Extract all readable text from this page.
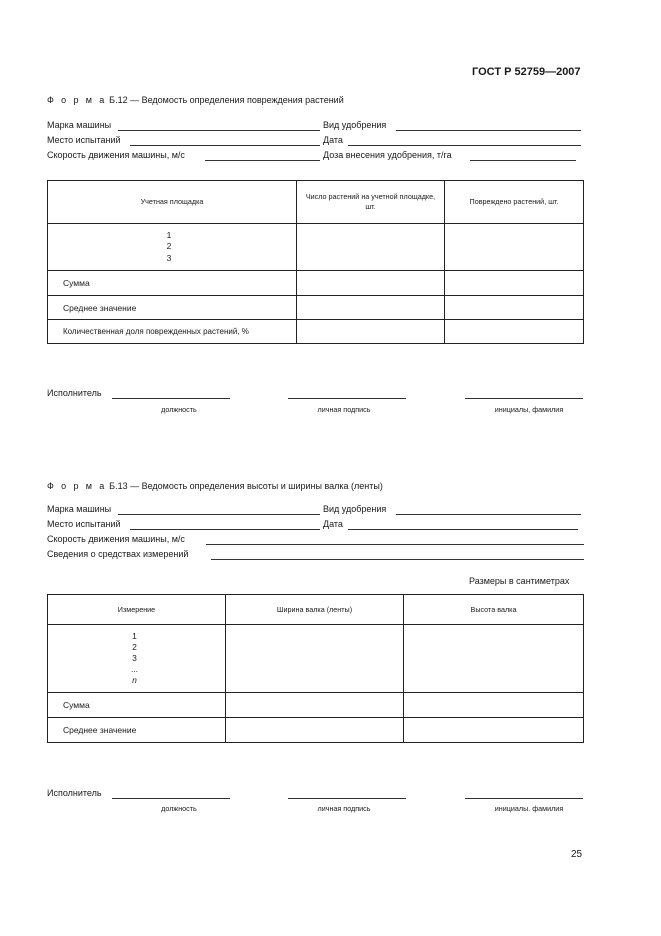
ГОСТ Р 52759—2007
Ф о р м а Б.12 — Ведомость определения повреждения растений
Марка машины	Вид удобрения
Место испытаний	Дата
Скорость движения машины, м/с	Доза внесения удобрения, т/га
Учетная площадка	Число растений на учетной площадке, шт.	Повреждено растений, шт.

1
2
3		

Сумма		
Среднее значение		
Количественная доля поврежденных растений, %		
Исполнитель
должность	личная подпись	инициалы, фамилия
Ф о р м а Б.13 — Ведомость определения высоты и ширины валка (ленты)
Марка машины	Вид удобрения
Место испытаний	Дата
Скорость движения машины, м/с
Сведения о средствах измерений
Размеры в сантиметрах
Измерение	Ширина валка (ленты)	Высота валка

1
2
3
...
n		

Сумма		
Среднее значение		
Исполнитель
должность	личная подпись	инициалы. фамилия
25
